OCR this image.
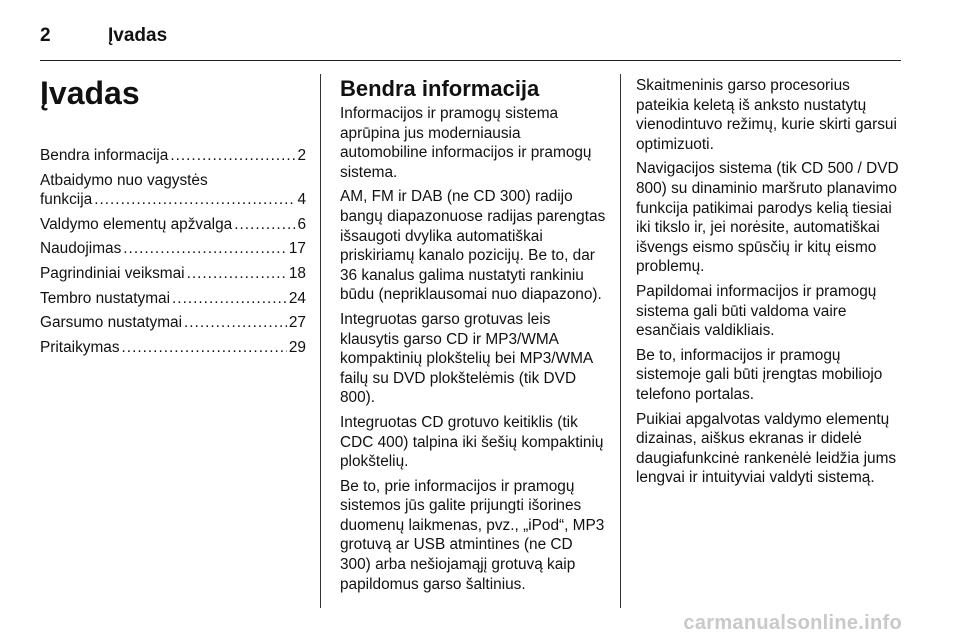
2	Įvadas
Įvadas
Bendra informacija .....	2
Atbaidymo nuo vagystės
funkcija .....	4
Valdymo elementų apžvalga .....	6
Naudojimas .....	17
Pagrindiniai veiksmai .....	18
Tembro nustatymai .....	24
Garsumo nustatymai .....	27
Pritaikymas .....	29
Bendra informacija

Informacijos ir pramogų sistema aprūpina jus moderniausia automobiline informacijos ir pramogų sistema.

AM, FM ir DAB (ne CD 300) radijo bangų diapazonuose radijas parengtas išsaugoti dvylika automatiškai priskiriamų kanalo pozicijų. Be to, dar 36 kanalus galima nustatyti rankiniu būdu (nepriklausomai nuo diapazono).

Integruotas garso grotuvas leis klausytis garso CD ir MP3/WMA kompaktinių plokštelių bei MP3/WMA failų su DVD plokštelėmis (tik DVD 800).

Integruotas CD grotuvo keitiklis (tik CDC 400) talpina iki šešių kompaktinių plokštelių.

Be to, prie informacijos ir pramogų sistemos jūs galite prijungti išorines duomenų laikmenas, pvz., „iPod“, MP3 grotuvą ar USB atmintines (ne CD 300) arba nešiojamąjį grotuvą kaip papildomus garso šaltinius.

Skaitmeninis garso procesorius pateikia keletą iš anksto nustatytų vienodintuvo režimų, kurie skirti garsui optimizuoti.

Navigacijos sistema (tik CD 500 / DVD 800) su dinaminio maršruto planavimo funkcija patikimai parodys kelią tiesiai iki tikslo ir, jei norėsite, automatiškai išvengs eismo spūsčių ir kitų eismo problemų.

Papildomai informacijos ir pramogų sistema gali būti valdoma vaire esančiais valdikliais.

Be to, informacijos ir pramogų sistemoje gali būti įrengtas mobiliojo telefono portalas.

Puikiai apgalvotas valdymo elementų dizainas, aiškus ekranas ir didelė daugiafunkcinė rankenėlė leidžia jums lengvai ir intuityviai valdyti sistemą.

carmanualsonline.info
